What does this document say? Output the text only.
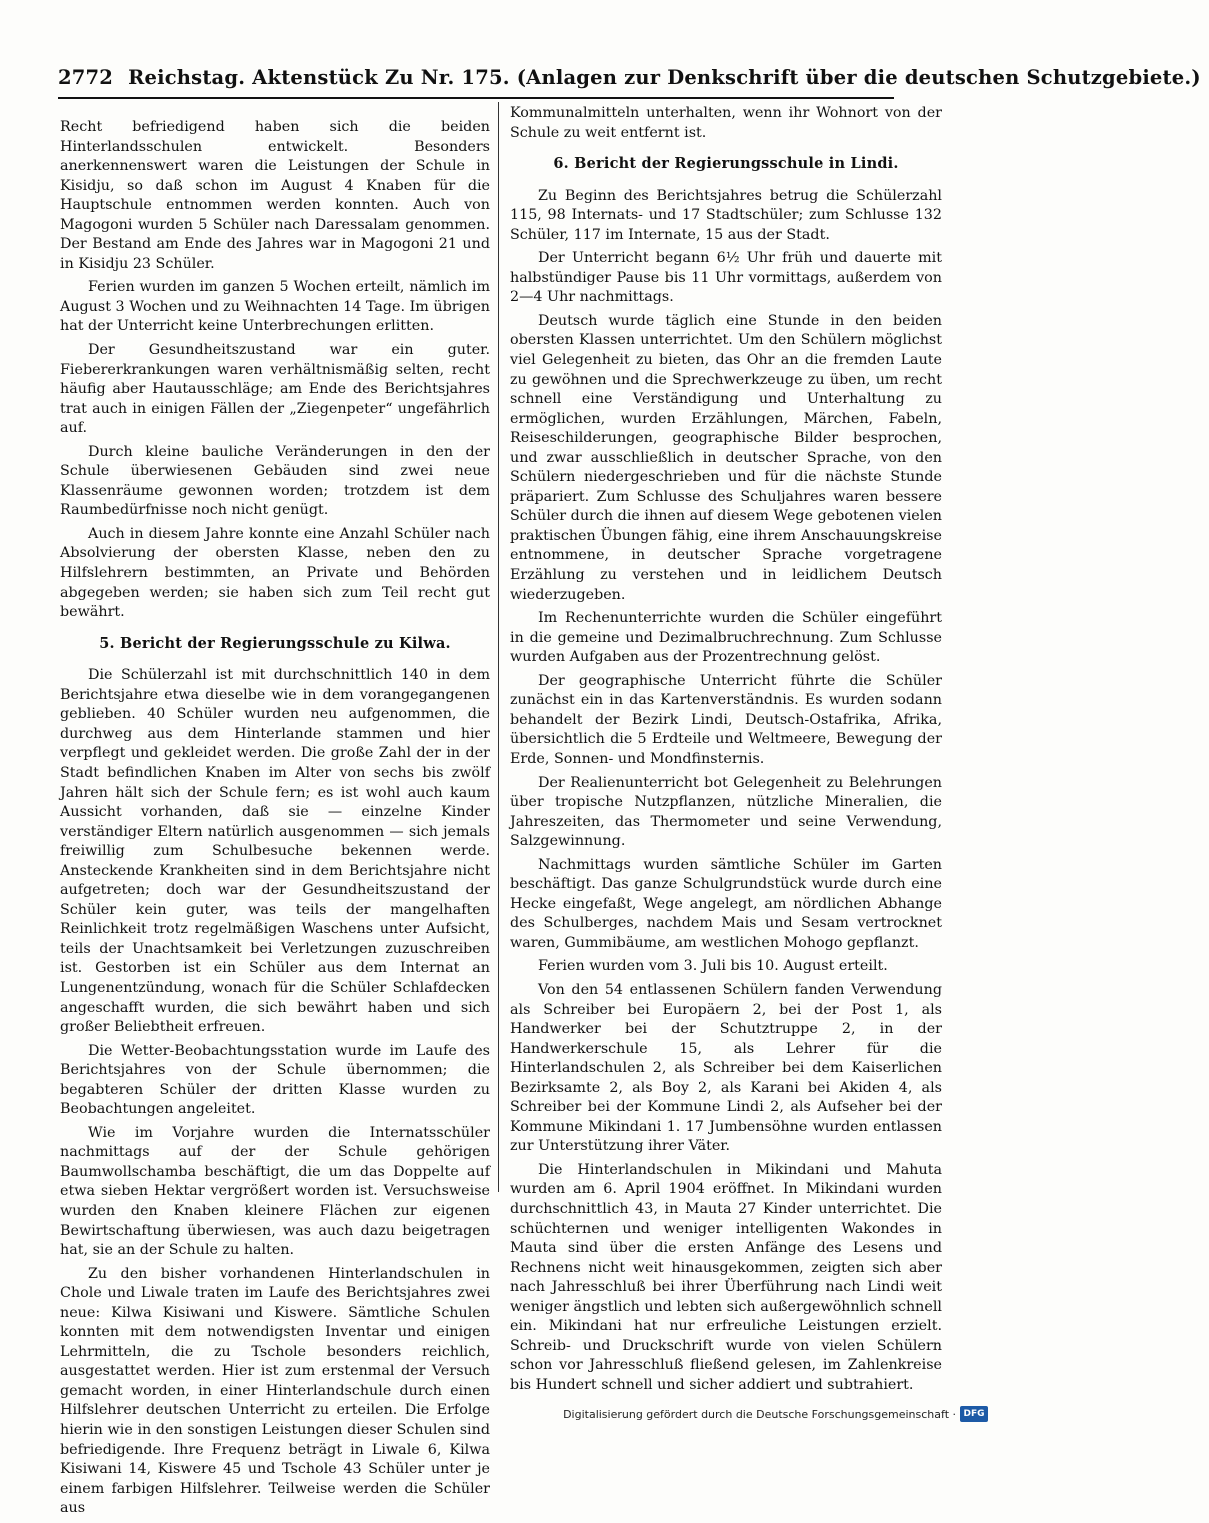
2772 Reichstag. Aktenstück Zu Nr. 175. (Anlagen zur Denkschrift über die deutschen Schutzgebiete.)

Recht befriedigend haben sich die beiden Hinterlandsschulen entwickelt. Besonders anerkennenswert waren die Leistungen der Schule in Kisidju, so daß schon im August 4 Knaben für die Hauptschule entnommen werden konnten. Auch von Magogoni wurden 5 Schüler nach Daressalam genommen. Der Bestand am Ende des Jahres war in Magogoni 21 und in Kisidju 23 Schüler.

Ferien wurden im ganzen 5 Wochen erteilt, nämlich im August 3 Wochen und zu Weihnachten 14 Tage. Im übrigen hat der Unterricht keine Unterbrechungen erlitten.

Der Gesundheitszustand war ein guter. Fiebererkrankungen waren verhältnismäßig selten, recht häufig aber Hautausschläge; am Ende des Berichtsjahres trat auch in einigen Fällen der „Ziegenpeter“ ungefährlich auf.

Durch kleine bauliche Veränderungen in den der Schule überwiesenen Gebäuden sind zwei neue Klassenräume gewonnen worden; trotzdem ist dem Raumbedürfnisse noch nicht genügt.

Auch in diesem Jahre konnte eine Anzahl Schüler nach Absolvierung der obersten Klasse, neben den zu Hilfslehrern bestimmten, an Private und Behörden abgegeben werden; sie haben sich zum Teil recht gut bewährt.

5. Bericht der Regierungsschule zu Kilwa.

Die Schülerzahl ist mit durchschnittlich 140 in dem Berichtsjahre etwa dieselbe wie in dem vorangegangenen geblieben. 40 Schüler wurden neu aufgenommen, die durchweg aus dem Hinterlande stammen und hier verpflegt und gekleidet werden. Die große Zahl der in der Stadt befindlichen Knaben im Alter von sechs bis zwölf Jahren hält sich der Schule fern; es ist wohl auch kaum Aussicht vorhanden, daß sie — einzelne Kinder verständiger Eltern natürlich ausgenommen — sich jemals freiwillig zum Schulbesuche bekennen werde. Ansteckende Krankheiten sind in dem Berichtsjahre nicht aufgetreten; doch war der Gesundheitszustand der Schüler kein guter, was teils der mangelhaften Reinlichkeit trotz regelmäßigen Waschens unter Aufsicht, teils der Unachtsamkeit bei Verletzungen zuzuschreiben ist. Gestorben ist ein Schüler aus dem Internat an Lungenentzündung, wonach für die Schüler Schlafdecken angeschafft wurden, die sich bewährt haben und sich großer Beliebtheit erfreuen.

Die Wetter-Beobachtungsstation wurde im Laufe des Berichtsjahres von der Schule übernommen; die begabteren Schüler der dritten Klasse wurden zu Beobachtungen angeleitet.

Wie im Vorjahre wurden die Internatsschüler nachmittags auf der der Schule gehörigen Baumwollschamba beschäftigt, die um das Doppelte auf etwa sieben Hektar vergrößert worden ist. Versuchsweise wurden den Knaben kleinere Flächen zur eigenen Bewirtschaftung überwiesen, was auch dazu beigetragen hat, sie an der Schule zu halten.

Zu den bisher vorhandenen Hinterlandschulen in Chole und Liwale traten im Laufe des Berichtsjahres zwei neue: Kilwa Kisiwani und Kiswere. Sämtliche Schulen konnten mit dem notwendigsten Inventar und einigen Lehrmitteln, die zu Tschole besonders reichlich, ausgestattet werden. Hier ist zum erstenmal der Versuch gemacht worden, in einer Hinterlandschule durch einen Hilfslehrer deutschen Unterricht zu erteilen. Die Erfolge hierin wie in den sonstigen Leistungen dieser Schulen sind befriedigende. Ihre Frequenz beträgt in Liwale 6, Kilwa Kisiwani 14, Kiswere 45 und Tschole 43 Schüler unter je einem farbigen Hilfslehrer. Teilweise werden die Schüler aus

Kommunalmitteln unterhalten, wenn ihr Wohnort von der Schule zu weit entfernt ist.

6. Bericht der Regierungsschule in Lindi.

Zu Beginn des Berichtsjahres betrug die Schülerzahl 115, 98 Internats- und 17 Stadtschüler; zum Schlusse 132 Schüler, 117 im Internate, 15 aus der Stadt.

Der Unterricht begann 6½ Uhr früh und dauerte mit halbstündiger Pause bis 11 Uhr vormittags, außerdem von 2—4 Uhr nachmittags.

Deutsch wurde täglich eine Stunde in den beiden obersten Klassen unterrichtet. Um den Schülern möglichst viel Gelegenheit zu bieten, das Ohr an die fremden Laute zu gewöhnen und die Sprechwerkzeuge zu üben, um recht schnell eine Verständigung und Unterhaltung zu ermöglichen, wurden Erzählungen, Märchen, Fabeln, Reiseschilderungen, geographische Bilder besprochen, und zwar ausschließlich in deutscher Sprache, von den Schülern niedergeschrieben und für die nächste Stunde präpariert. Zum Schlusse des Schuljahres waren bessere Schüler durch die ihnen auf diesem Wege gebotenen vielen praktischen Übungen fähig, eine ihrem Anschauungskreise entnommene, in deutscher Sprache vorgetragene Erzählung zu verstehen und in leidlichem Deutsch wiederzugeben.

Im Rechenunterrichte wurden die Schüler eingeführt in die gemeine und Dezimalbruchrechnung. Zum Schlusse wurden Aufgaben aus der Prozentrechnung gelöst.

Der geographische Unterricht führte die Schüler zunächst ein in das Kartenverständnis. Es wurden sodann behandelt der Bezirk Lindi, Deutsch-Ostafrika, Afrika, übersichtlich die 5 Erdteile und Weltmeere, Bewegung der Erde, Sonnen- und Mondfinsternis.

Der Realienunterricht bot Gelegenheit zu Belehrungen über tropische Nutzpflanzen, nützliche Mineralien, die Jahreszeiten, das Thermometer und seine Verwendung, Salzgewinnung.

Nachmittags wurden sämtliche Schüler im Garten beschäftigt. Das ganze Schulgrundstück wurde durch eine Hecke eingefaßt, Wege angelegt, am nördlichen Abhange des Schulberges, nachdem Mais und Sesam vertrocknet waren, Gummibäume, am westlichen Mohogo gepflanzt.

Ferien wurden vom 3. Juli bis 10. August erteilt.

Von den 54 entlassenen Schülern fanden Verwendung als Schreiber bei Europäern 2, bei der Post 1, als Handwerker bei der Schutztruppe 2, in der Handwerkerschule 15, als Lehrer für die Hinterlandschulen 2, als Schreiber bei dem Kaiserlichen Bezirksamte 2, als Boy 2, als Karani bei Akiden 4, als Schreiber bei der Kommune Lindi 2, als Aufseher bei der Kommune Mikindani 1. 17 Jumbensöhne wurden entlassen zur Unterstützung ihrer Väter.

Die Hinterlandschulen in Mikindani und Mahuta wurden am 6. April 1904 eröffnet. In Mikindani wurden durchschnittlich 43, in Mauta 27 Kinder unterrichtet. Die schüchternen und weniger intelligenten Wakondes in Mauta sind über die ersten Anfänge des Lesens und Rechnens nicht weit hinausgekommen, zeigten sich aber nach Jahresschluß bei ihrer Überführung nach Lindi weit weniger ängstlich und lebten sich außergewöhnlich schnell ein. Mikindani hat nur erfreuliche Leistungen erzielt. Schreib- und Druckschrift wurde von vielen Schülern schon vor Jahresschluß fließend gelesen, im Zahlenkreise bis Hundert schnell und sicher addiert und subtrahiert.

Digitalisierung gefördert durch die Deutsche Forschungsgemeinschaft · DFG
